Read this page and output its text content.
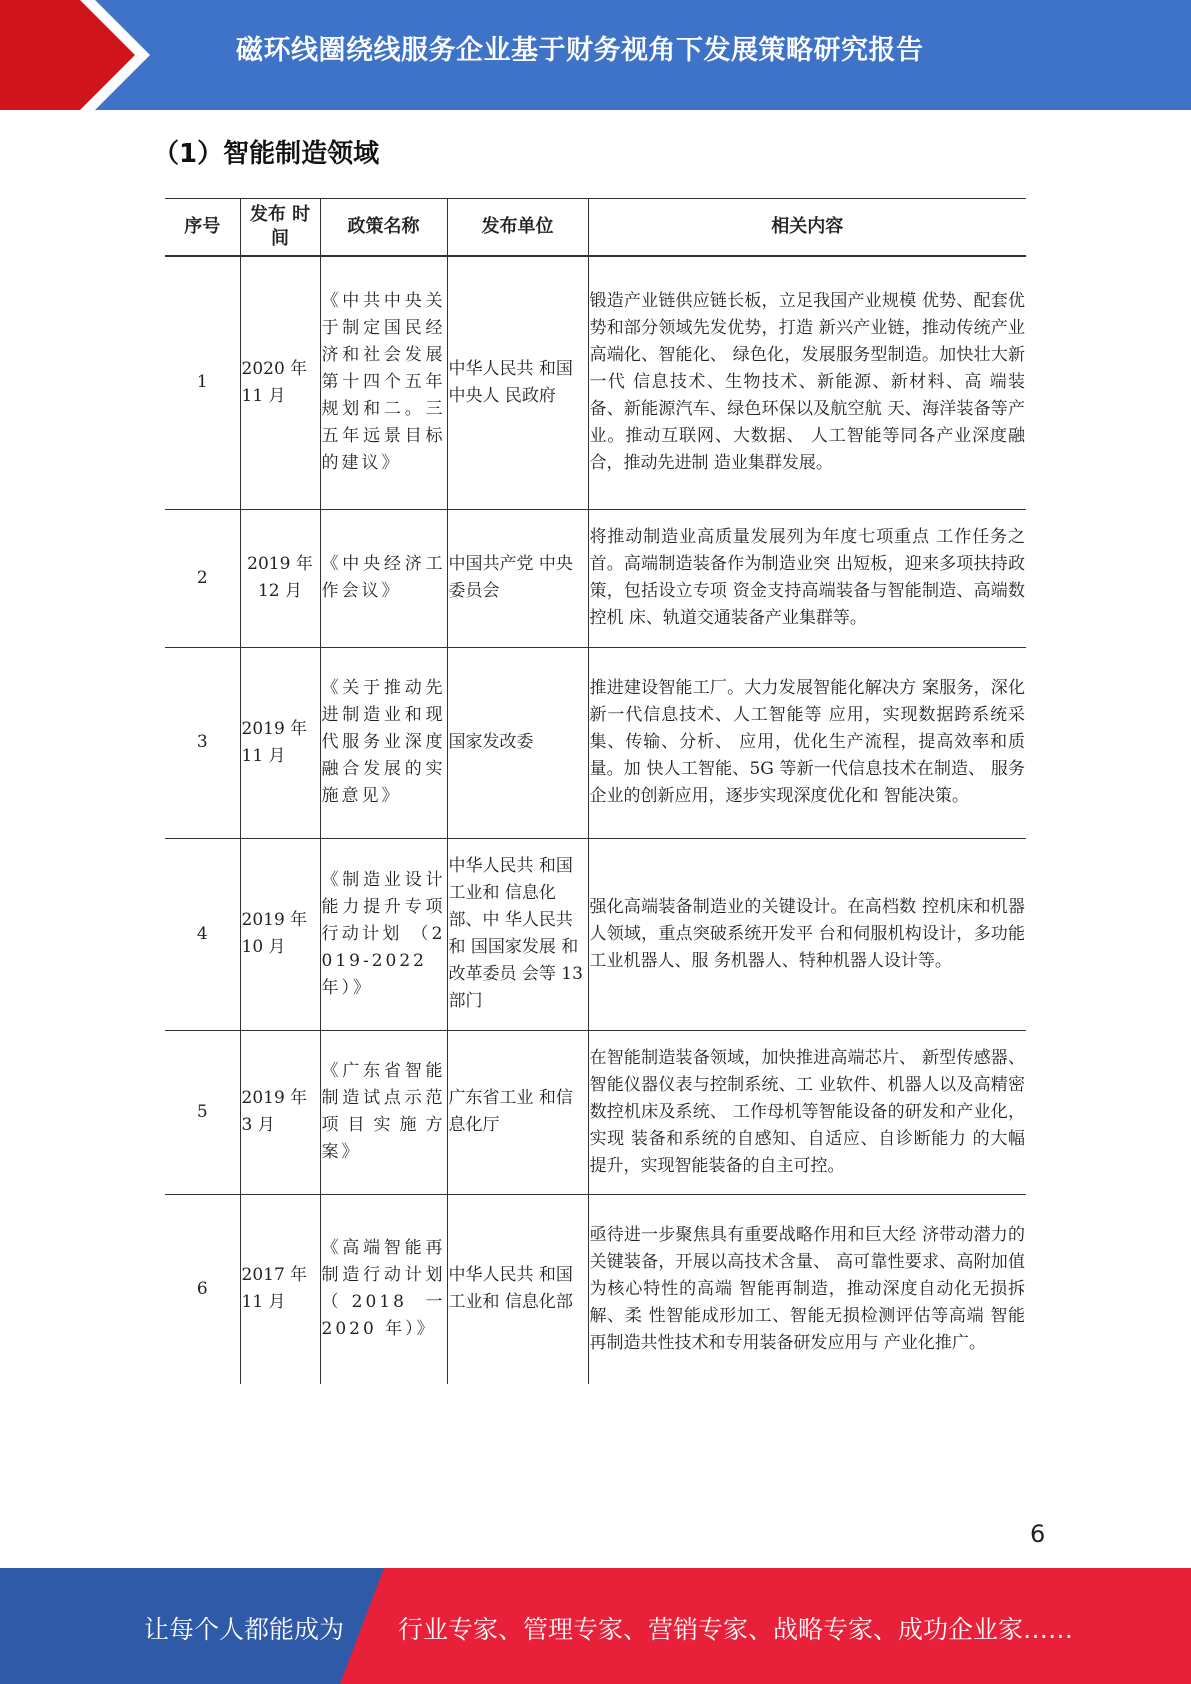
磁环线圈绕线服务企业基于财务视角下发展策略研究报告
（1）智能制造领域
序号	发布 时间	政策名称	发布单位	相关内容
1	2020 年 11 月	《中共中央关于制定国民经济和社会发展第十四个五年规划和二。三五年远景目标的建议》	中华人民共 和国中央人 民政府	锻造产业链供应链长板，立足我国产业规模 优势、配套优势和部分领域先发优势，打造 新兴产业链，推动传统产业高端化、智能化、 绿色化，发展服务型制造。加快壮大新一代 信息技术、生物技术、新能源、新材料、高 端装备、新能源汽车、绿色环保以及航空航 天、海洋装备等产业。推动互联网、大数据、 人工智能等同各产业深度融合，推动先进制 造业集群发展。
2	2019 年 12 月	《中央经济工作会议》	中国共产党 中央委员会	将推动制造业高质量发展列为年度七项重点 工作任务之首。高端制造装备作为制造业突 出短板，迎来多项扶持政策，包括设立专项 资金支持高端装备与智能制造、高端数控机 床、轨道交通装备产业集群等。
3	2019 年 11 月	《关于推动先进制造业和现代服务业深度融合发展的实施意见》	国家发改委	推进建设智能工厂。大力发展智能化解决方 案服务，深化新一代信息技术、人工智能等 应用，实现数据跨系统采集、传输、分析、 应用，优化生产流程，提高效率和质量。加 快人工智能、5G 等新一代信息技术在制造、 服务企业的创新应用，逐步实现深度优化和 智能决策。
4	2019 年 10 月	《制造业设计能力提升专项行动计划 （2019-2022 年）》	中华人民共 和国工业和 信息化部、中 华人民共和 国国家发展 和改革委员 会等 13 部门	强化高端装备制造业的关键设计。在高档数 控机床和机器人领域，重点突破系统开发平 台和伺服机构设计，多功能工业机器人、服 务机器人、特种机器人设计等。
5	2019 年 3 月	《广东省智能制造试点示范项目实施方案》	广东省工业 和信息化厅	在智能制造装备领域，加快推进高端芯片、 新型传感器、智能仪器仪表与控制系统、工 业软件、机器人以及高精密数控机床及系统、 工作母机等智能设备的研发和产业化，实现 装备和系统的自感知、自适应、自诊断能力 的大幅提升，实现智能装备的自主可控。
6	2017 年 11 月	《高端智能再制造行动计划（2018 一 2020 年）》	中华人民共 和国工业和 信息化部	亟待进一步聚焦具有重要战略作用和巨大经 济带动潜力的关键装备，开展以高技术含量、 高可靠性要求、高附加值为核心特性的高端 智能再制造，推动深度自动化无损拆解、柔 性智能成形加工、智能无损检测评估等高端 智能再制造共性技术和专用装备研发应用与 产业化推广。
6
让每个人都能成为 行业专家、管理专家、营销专家、战略专家、成功企业家……
